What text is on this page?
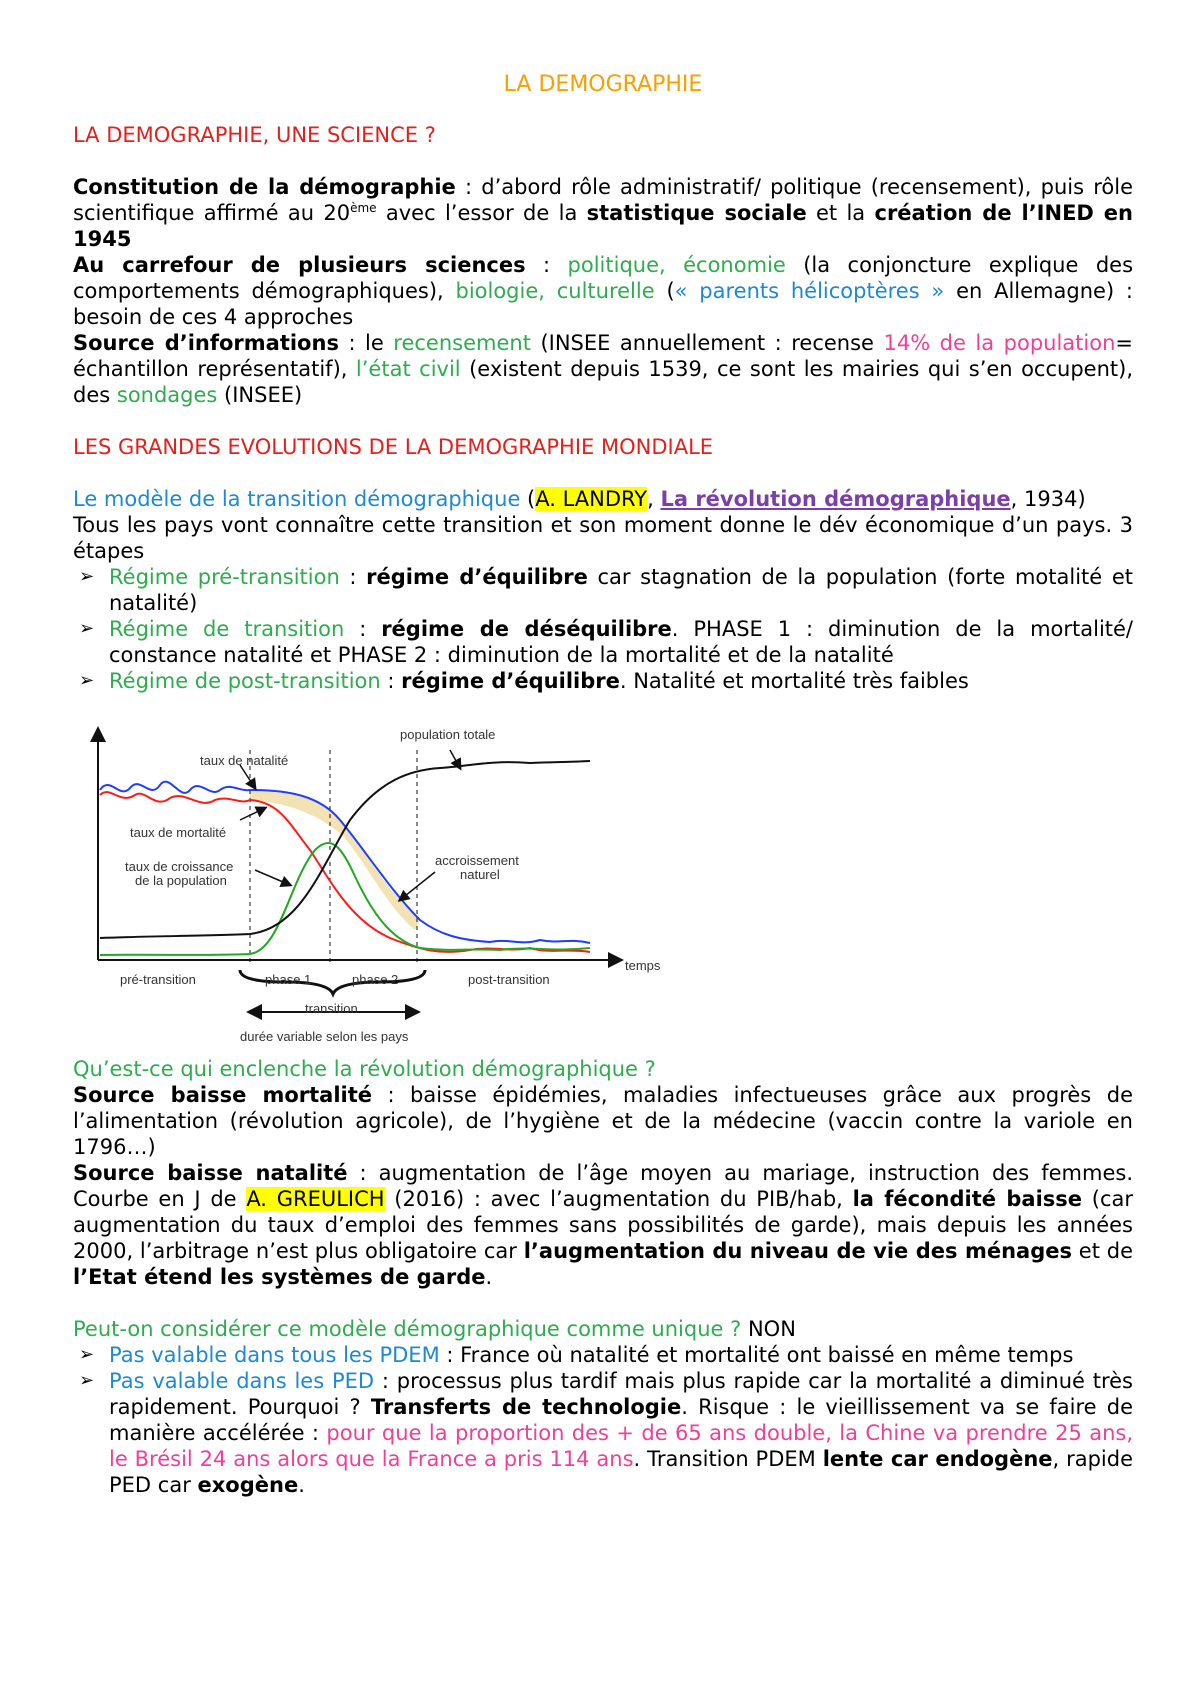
LA DEMOGRAPHIE
LA DEMOGRAPHIE, UNE SCIENCE ?
Constitution de la démographie : d’abord rôle administratif/ politique (recensement), puis rôle scientifique affirmé au 20ème avec l’essor de la statistique sociale et la création de l’INED en 1945
Au carrefour de plusieurs sciences : politique, économie (la conjoncture explique des comportements démographiques), biologie, culturelle (« parents hélicoptères » en Allemagne) : besoin de ces 4 approches
Source d’informations : le recensement (INSEE annuellement : recense 14% de la population= échantillon représentatif), l’état civil (existent depuis 1539, ce sont les mairies qui s’en occupent), des sondages (INSEE)
LES GRANDES EVOLUTIONS DE LA DEMOGRAPHIE MONDIALE
Le modèle de la transition démographique (A. LANDRY, La révolution démographique, 1934)
Tous les pays vont connaître cette transition et son moment donne le dév économique d’un pays. 3 étapes
➢ Régime pré-transition : régime d’équilibre car stagnation de la population (forte motalité et natalité)
➢ Régime de transition : régime de déséquilibre. PHASE 1 : diminution de la mortalité/ constance natalité et PHASE 2 : diminution de la mortalité et de la natalité
➢ Régime de post-transition : régime d’équilibre. Natalité et mortalité très faibles
population totale
taux de natalité
taux de mortalité
taux de croissance
de la population
accroissement
naturel
temps
pré-transition	phase 1	phase 2	post-transition
transition
durée variable selon les pays
Qu’est-ce qui enclenche la révolution démographique ?
Source baisse mortalité : baisse épidémies, maladies infectueuses grâce aux progrès de l’alimentation (révolution agricole), de l’hygiène et de la médecine (vaccin contre la variole en 1796…)
Source baisse natalité : augmentation de l’âge moyen au mariage, instruction des femmes. Courbe en J de A. GREULICH (2016) : avec l’augmentation du PIB/hab, la fécondité baisse (car augmentation du taux d’emploi des femmes sans possibilités de garde), mais depuis les années 2000, l’arbitrage n’est plus obligatoire car l’augmentation du niveau de vie des ménages et de l’Etat étend les systèmes de garde.
Peut-on considérer ce modèle démographique comme unique ? NON
➢ Pas valable dans tous les PDEM : France où natalité et mortalité ont baissé en même temps
➢ Pas valable dans les PED : processus plus tardif mais plus rapide car la mortalité a diminué très rapidement. Pourquoi ? Transferts de technologie. Risque : le vieillissement va se faire de manière accélérée : pour que la proportion des + de 65 ans double, la Chine va prendre 25 ans, le Brésil 24 ans alors que la France a pris 114 ans. Transition PDEM lente car endogène, rapide PED car exogène.
